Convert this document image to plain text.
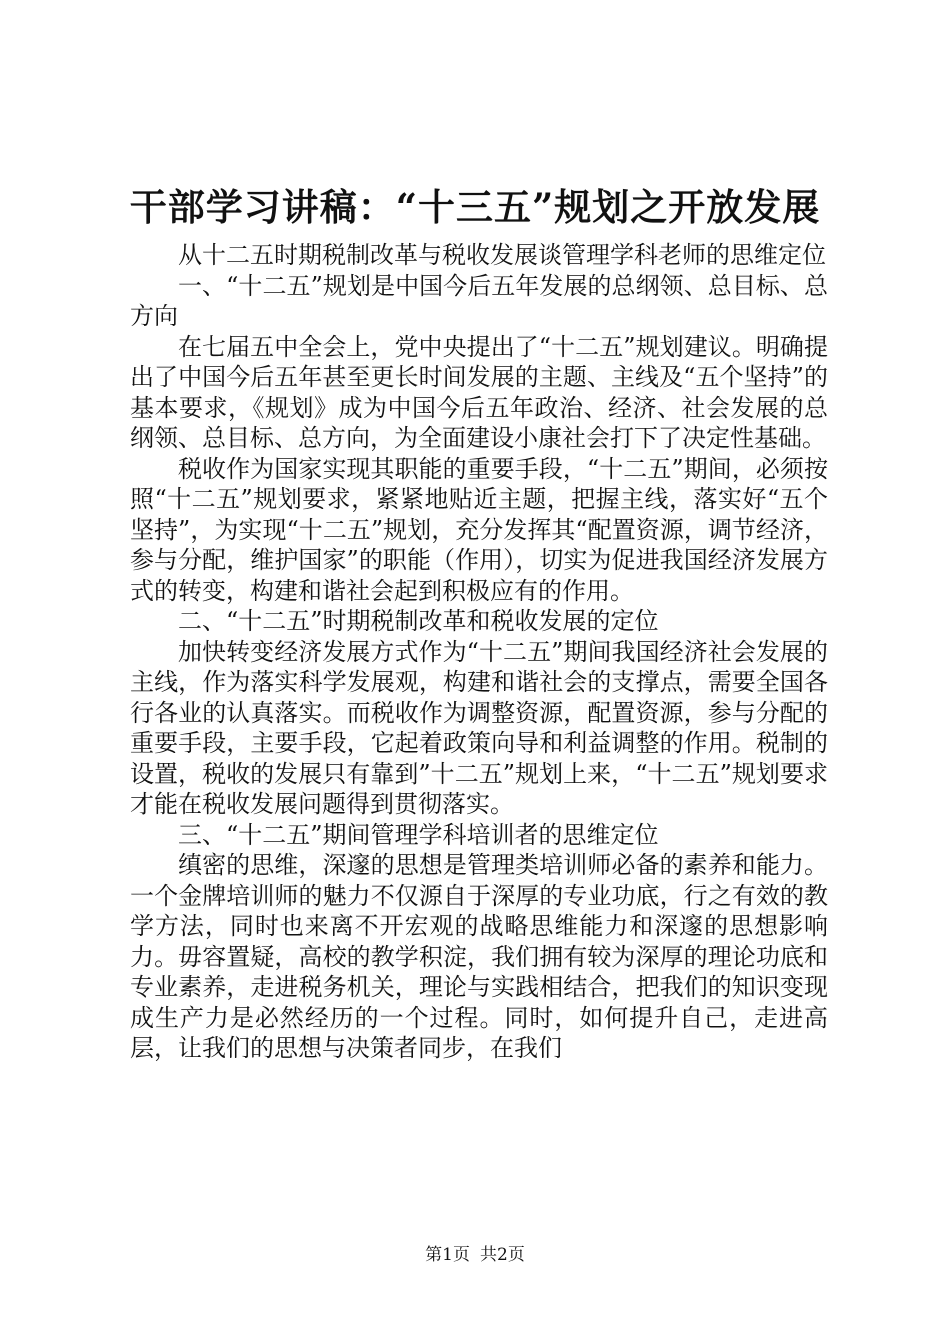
干部学习讲稿：“十三五”规划之开放发展

从十二五时期税制改革与税收发展谈管理学科老师的思维定位

一、“十二五”规划是中国今后五年发展的总纲领、总目标、总方向

在七届五中全会上，党中央提出了“十二五”规划建议。明确提出了中国今后五年甚至更长时间发展的主题、主线及“五个坚持”的基本要求，《规划》成为中国今后五年政治、经济、社会发展的总纲领、总目标、总方向，为全面建设小康社会打下了决定性基础。

税收作为国家实现其职能的重要手段，“十二五”期间，必须按照“十二五”规划要求，紧紧地贴近主题，把握主线，落实好“五个坚持”，为实现“十二五”规划，充分发挥其“配置资源，调节经济，参与分配，维护国家”的职能（作用），切实为促进我国经济发展方式的转变，构建和谐社会起到积极应有的作用。

二、“十二五”时期税制改革和税收发展的定位

加快转变经济发展方式作为“十二五”期间我国经济社会发展的主线，作为落实科学发展观，构建和谐社会的支撑点，需要全国各行各业的认真落实。而税收作为调整资源，配置资源，参与分配的重要手段，主要手段，它起着政策向导和利益调整的作用。税制的设置，税收的发展只有靠到”十二五”规划上来，“十二五”规划要求才能在税收发展问题得到贯彻落实。

三、“十二五”期间管理学科培训者的思维定位

缜密的思维，深邃的思想是管理类培训师必备的素养和能力。一个金牌培训师的魅力不仅源自于深厚的专业功底，行之有效的教学方法，同时也来离不开宏观的战略思维能力和深邃的思想影响力。毋容置疑，高校的教学积淀，我们拥有较为深厚的理论功底和专业素养，走进税务机关，理论与实践相结合，把我们的知识变现成生产力是必然经历的一个过程。同时，如何提升自己，走进高层，让我们的思想与决策者同步，在我们

第1页 共2页
